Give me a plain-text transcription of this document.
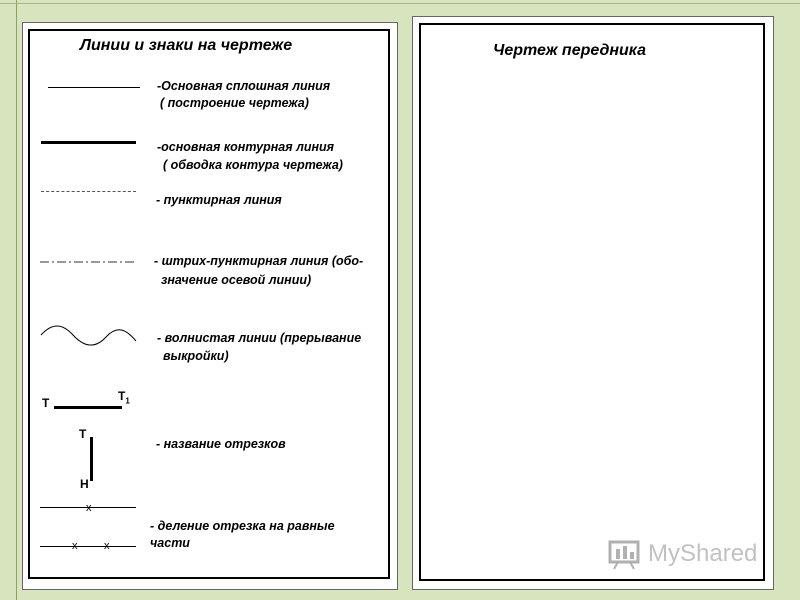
Линии и знаки на чертеже
-Основная сплошная линия
( построение чертежа)
-основная контурная линия
( обводка контура чертежа)
- пунктирная линия
- штрих-пунктирная линия (обо-
значение осевой линии)
- волнистая линии (прерывание
выкройки)
Т	$Т_1$
Т
Н
- название отрезков
х
х х
- деление отрезка на равные
части
Чертеж передника
MyShared
